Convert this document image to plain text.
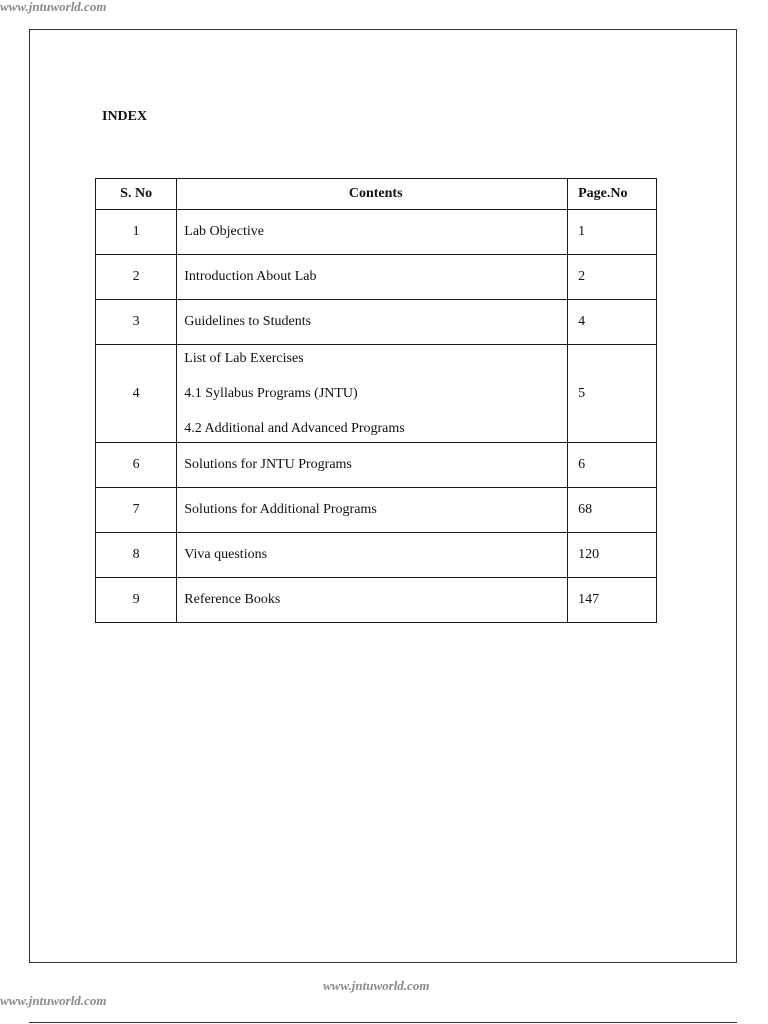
www.jntuworld.com
INDEX
S. No	Contents	Page.No
1	Lab Objective	1
2	Introduction About Lab	2
3	Guidelines to Students	4
4	List of Lab Exercises
4.1 Syllabus Programs (JNTU)
4.2 Additional and Advanced Programs	5
6	Solutions for JNTU Programs	6
7	Solutions for Additional Programs	68
8	Viva questions	120
9	Reference Books	147
www.jntuworld.com
www.jntuworld.com
